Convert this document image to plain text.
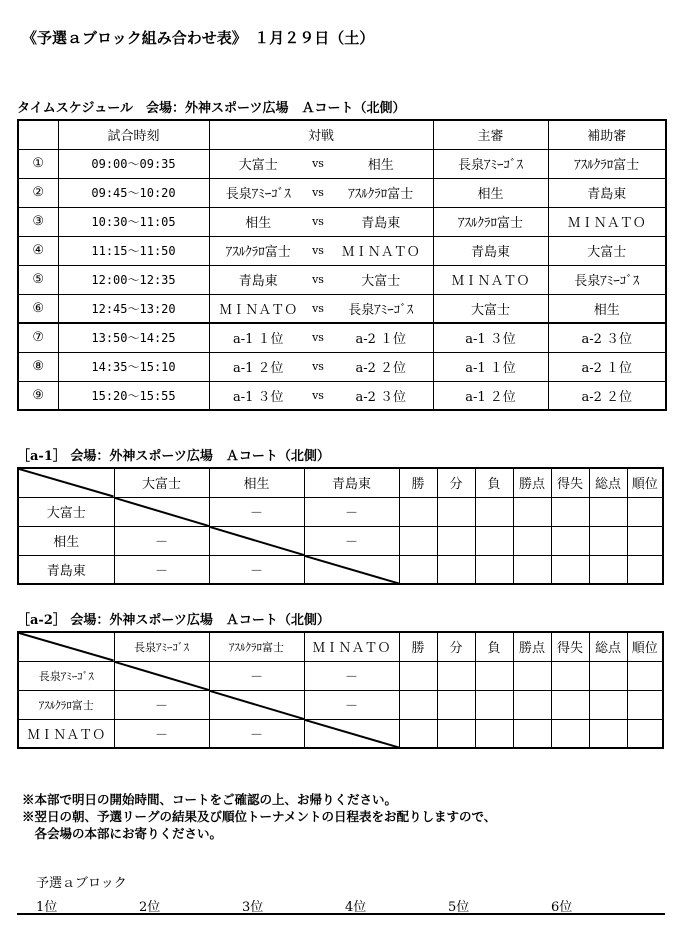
《予選ａブロック組み合わせ表》　１月２９日（土）
タイムスケジュール　会場：外神スポーツ広場　Ａコート（北側）
	試合時刻	対戦			主審	補助審
①	09:00～09:35	大富士	vs	相生	長泉ｱﾐｰｺﾞｽ	ｱｽﾙｸﾗﾛ富士
②	09:45～10:20	長泉ｱﾐｰｺﾞｽ	vs	ｱｽﾙｸﾗﾛ富士	相生	青島東
③	10:30～11:05	相生	vs	青島東	ｱｽﾙｸﾗﾛ富士	ＭＩＮＡＴＯ
④	11:15～11:50	ｱｽﾙｸﾗﾛ富士	vs	ＭＩＮＡＴＯ	青島東	大富士
⑤	12:00～12:35	青島東	vs	大富士	ＭＩＮＡＴＯ	長泉ｱﾐｰｺﾞｽ
⑥	12:45～13:20	ＭＩＮＡＴＯ	vs	長泉ｱﾐｰｺﾞｽ	大富士	相生
⑦	13:50～14:25	a-1 １位	vs	a-2 １位	a-1 ３位	a-2 ３位
⑧	14:35～15:10	a-1 ２位	vs	a-2 ２位	a-1 １位	a-2 １位
⑨	15:20～15:55	a-1 ３位	vs	a-2 ３位	a-1 ２位	a-2 ２位
［a-1］ 会場：外神スポーツ広場　Ａコート（北側）
	大富士	相生	青島東	勝	分	負	勝点	得失	総点	順位
大富士		－	－							
相生	－		－							
青島東	－	－	

［a-2］ 会場：外神スポーツ広場　Ａコート（北側）
	長泉ｱﾐｰｺﾞｽ	ｱｽﾙｸﾗﾛ富士	ＭＩＮＡＴＯ	勝	分	負	勝点	得失	総点	順位
長泉ｱﾐｰｺﾞｽ		－	－							
ｱｽﾙｸﾗﾛ富士	－		－							
ＭＩＮＡＴＯ	－	－	

※本部で明日の開始時間、コートをご確認の上、お帰りください。
※翌日の朝、予選リーグの結果及び順位トーナメントの日程表をお配りしますので、
　各会場の本部にお寄りください。
予選ａブロック
1位	2位	3位	4位	5位	6位
